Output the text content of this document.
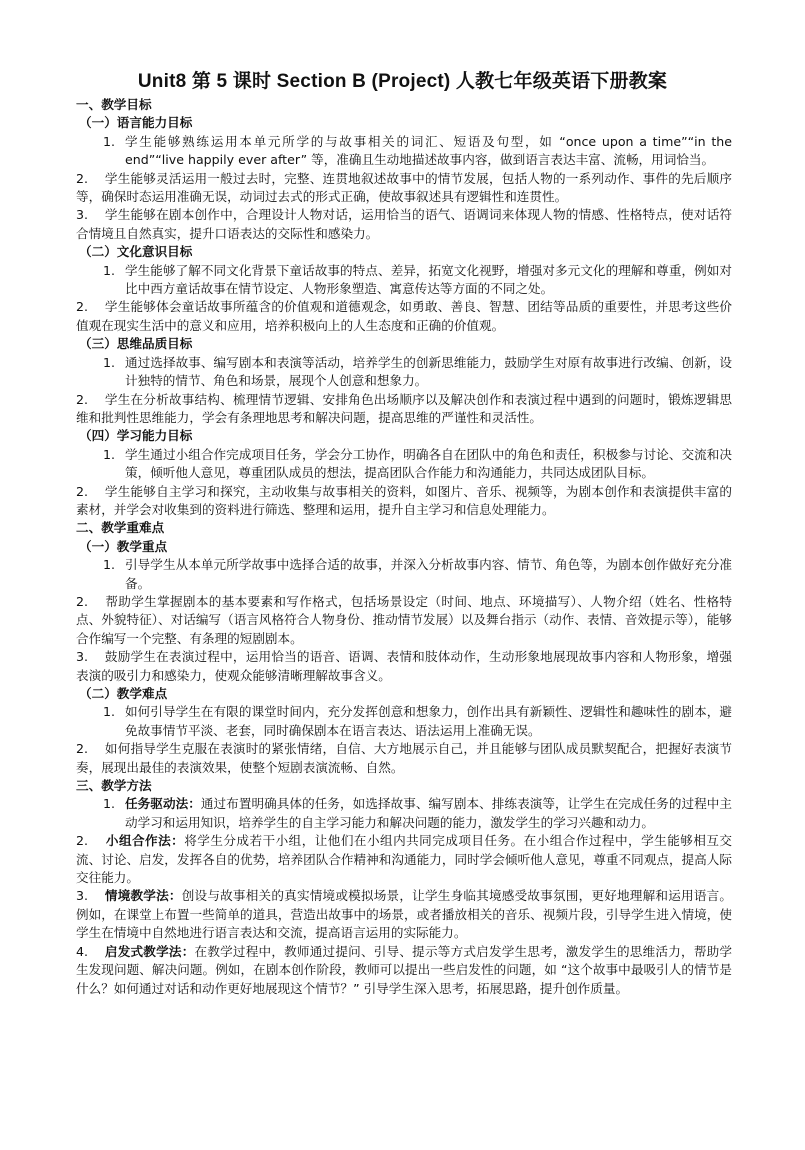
Unit8 第 5 课时 Section B (Project) 人教七年级英语下册教案
一、教学目标
（一）语言能力目标
1. 学生能够熟练运用本单元所学的与故事相关的词汇、短语及句型，如 “once upon a time”“in the end”“live happily ever after” 等，准确且生动地描述故事内容，做到语言表达丰富、流畅，用词恰当。

2. 学生能够灵活运用一般过去时，完整、连贯地叙述故事中的情节发展，包括人物的一系列动作、事件的先后顺序等，确保时态运用准确无误，动词过去式的形式正确，使故事叙述具有逻辑性和连贯性。

3. 学生能够在剧本创作中，合理设计人物对话，运用恰当的语气、语调词来体现人物的情感、性格特点，使对话符合情境且自然真实，提升口语表达的交际性和感染力。

（二）文化意识目标
1. 学生能够了解不同文化背景下童话故事的特点、差异，拓宽文化视野，增强对多元文化的理解和尊重，例如对比中西方童话故事在情节设定、人物形象塑造、寓意传达等方面的不同之处。

2. 学生能够体会童话故事所蕴含的价值观和道德观念，如勇敢、善良、智慧、团结等品质的重要性，并思考这些价值观在现实生活中的意义和应用，培养积极向上的人生态度和正确的价值观。

（三）思维品质目标
1. 通过选择故事、编写剧本和表演等活动，培养学生的创新思维能力，鼓励学生对原有故事进行改编、创新，设计独特的情节、角色和场景，展现个人创意和想象力。

2. 学生在分析故事结构、梳理情节逻辑、安排角色出场顺序以及解决创作和表演过程中遇到的问题时，锻炼逻辑思维和批判性思维能力，学会有条理地思考和解决问题，提高思维的严谨性和灵活性。

（四）学习能力目标
1. 学生通过小组合作完成项目任务，学会分工协作，明确各自在团队中的角色和责任，积极参与讨论、交流和决策，倾听他人意见，尊重团队成员的想法，提高团队合作能力和沟通能力，共同达成团队目标。

2. 学生能够自主学习和探究，主动收集与故事相关的资料，如图片、音乐、视频等，为剧本创作和表演提供丰富的素材，并学会对收集到的资料进行筛选、整理和运用，提升自主学习和信息处理能力。

二、教学重难点
（一）教学重点
1. 引导学生从本单元所学故事中选择合适的故事，并深入分析故事内容、情节、角色等，为剧本创作做好充分准备。

2. 帮助学生掌握剧本的基本要素和写作格式，包括场景设定（时间、地点、环境描写）、人物介绍（姓名、性格特点、外貌特征）、对话编写（语言风格符合人物身份、推动情节发展）以及舞台指示（动作、表情、音效提示等），能够合作编写一个完整、有条理的短剧剧本。

3. 鼓励学生在表演过程中，运用恰当的语音、语调、表情和肢体动作，生动形象地展现故事内容和人物形象，增强表演的吸引力和感染力，使观众能够清晰理解故事含义。

（二）教学难点
1. 如何引导学生在有限的课堂时间内，充分发挥创意和想象力，创作出具有新颖性、逻辑性和趣味性的剧本，避免故事情节平淡、老套，同时确保剧本在语言表达、语法运用上准确无误。

2. 如何指导学生克服在表演时的紧张情绪，自信、大方地展示自己，并且能够与团队成员默契配合，把握好表演节奏，展现出最佳的表演效果，使整个短剧表演流畅、自然。

三、教学方法
1. 任务驱动法：通过布置明确具体的任务，如选择故事、编写剧本、排练表演等，让学生在完成任务的过程中主动学习和运用知识，培养学生的自主学习能力和解决问题的能力，激发学生的学习兴趣和动力。

2. 小组合作法：将学生分成若干小组，让他们在小组内共同完成项目任务。在小组合作过程中，学生能够相互交流、讨论、启发，发挥各自的优势，培养团队合作精神和沟通能力，同时学会倾听他人意见，尊重不同观点，提高人际交往能力。

3. 情境教学法：创设与故事相关的真实情境或模拟场景，让学生身临其境感受故事氛围，更好地理解和运用语言。例如，在课堂上布置一些简单的道具，营造出故事中的场景，或者播放相关的音乐、视频片段，引导学生进入情境，使学生在情境中自然地进行语言表达和交流，提高语言运用的实际能力。

4. 启发式教学法：在教学过程中，教师通过提问、引导、提示等方式启发学生思考，激发学生的思维活力，帮助学生发现问题、解决问题。例如，在剧本创作阶段，教师可以提出一些启发性的问题，如 “这个故事中最吸引人的情节是什么？如何通过对话和动作更好地展现这个情节？” 引导学生深入思考，拓展思路，提升创作质量。
